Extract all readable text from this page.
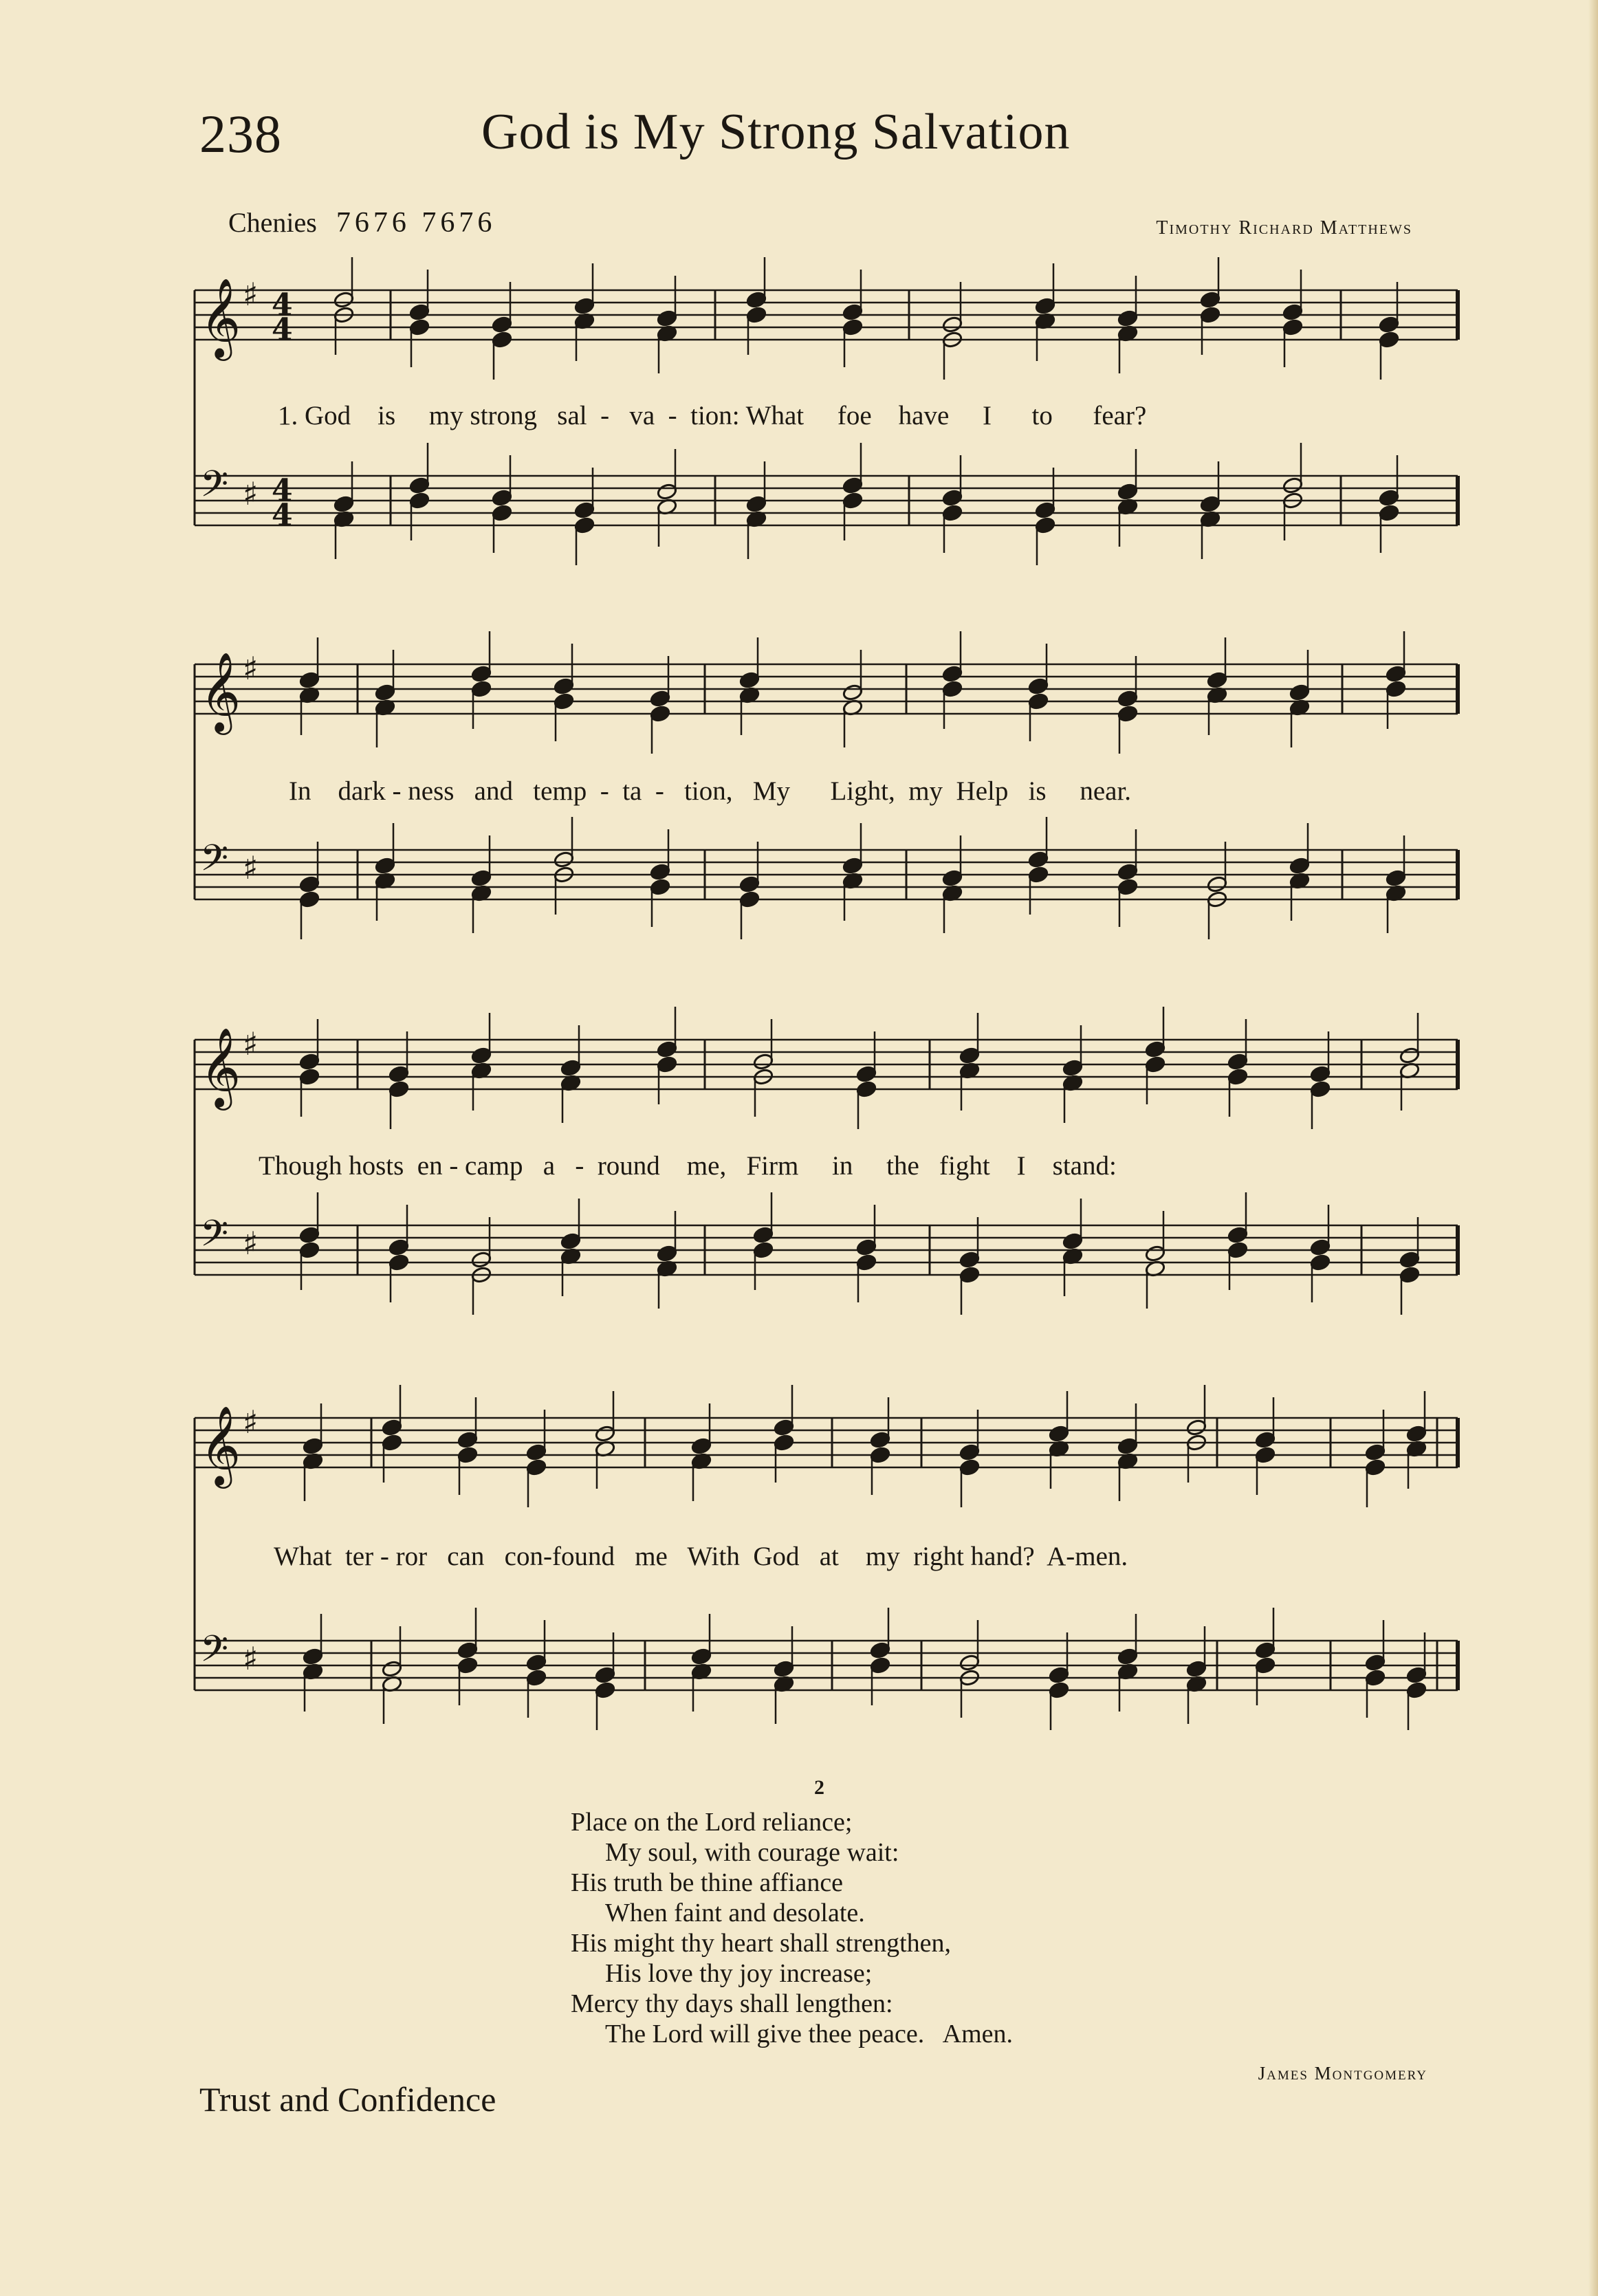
238	God is My Strong Salvation
Chenies 7676 7676	Timothy Richard Matthews
𝄞 ♯ 4
4
𝄢 ♯ 4
4
𝄞 ♯
𝄢 ♯
𝄞 ♯
𝄢 ♯
𝄞 ♯
𝄢 ♯
1. God    is     my strong   sal  -   va  -  tion: What     foe    have     I      to      fear?
In    dark - ness   and   temp  -  ta  -   tion,   My      Light,  my  Help   is     near.
Though hosts  en - camp   a   -  round    me,   Firm     in     the   fight    I    stand:
What  ter - ror   can   con-found   me   With  God   at    my  right hand?  A-men.
2
Place on the Lord reliance;
My soul, with courage wait:
His truth be thine affiance
When faint and desolate.
His might thy heart shall strengthen,
His love thy joy increase;
Mercy thy days shall lengthen:
The Lord will give thee peace.   Amen.
James Montgomery
Trust and Confidence
